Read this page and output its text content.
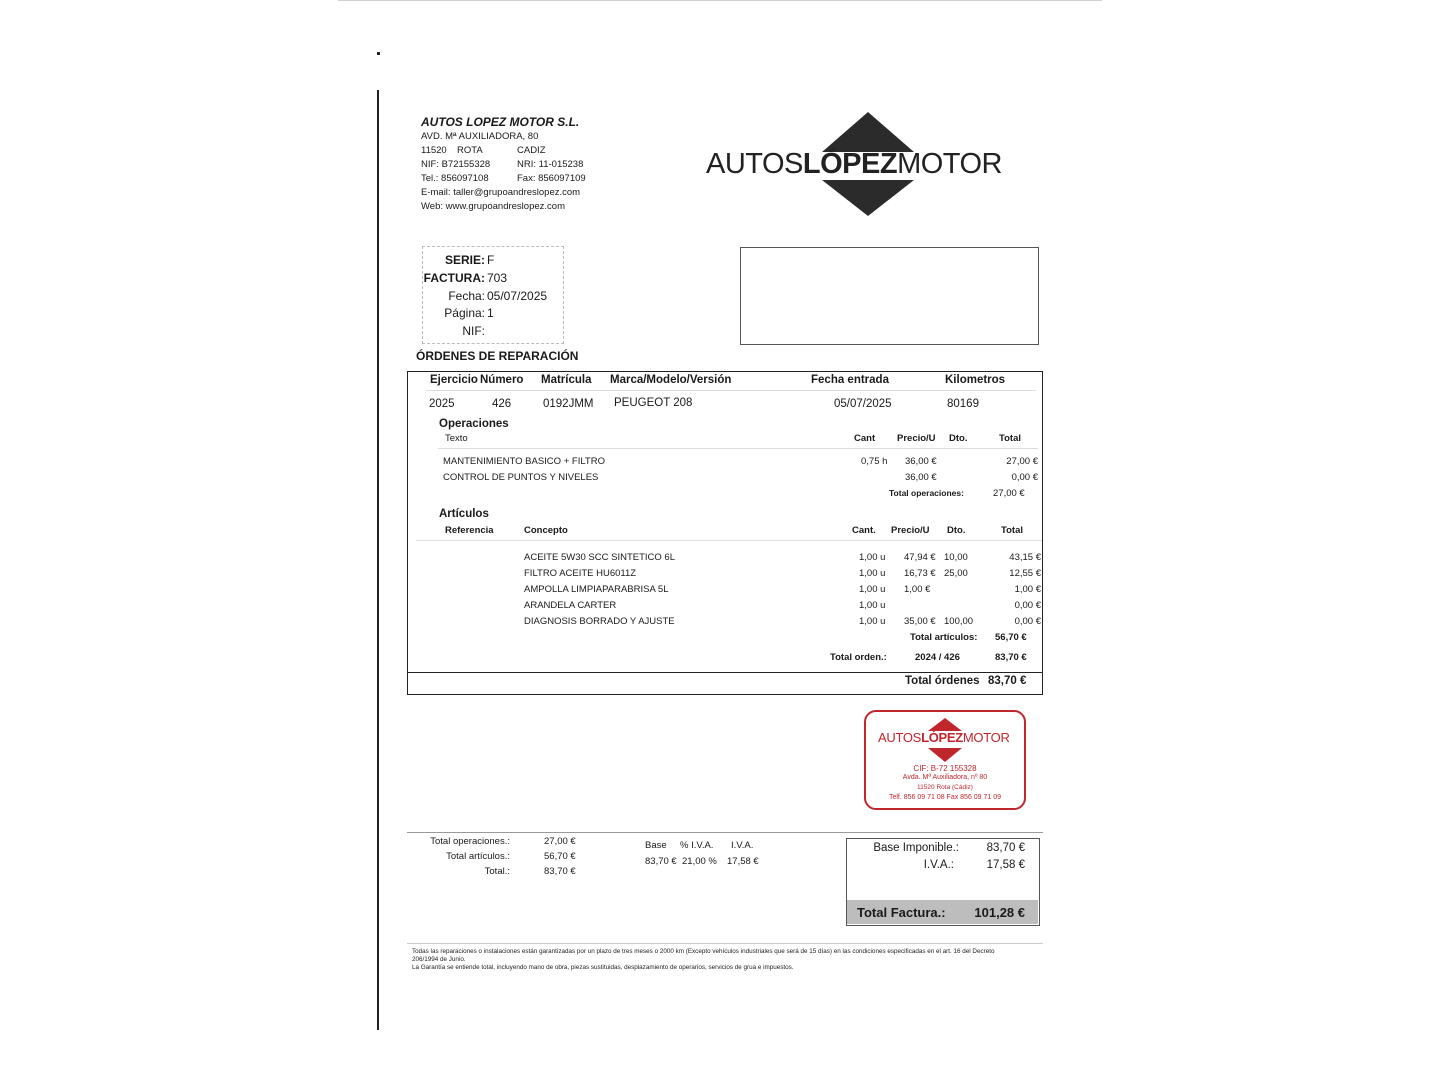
AUTOS LOPEZ MOTOR S.L.
AVD. Mª AUXILIADORA, 80
11520	ROTA	CADIZ
NIF: B72155328	NRI: 11-015238
Tel.: 856097108	Fax: 856097109
E-mail: taller@grupoandreslopez.com
Web: www.grupoandreslopez.com
AUTOSLÓPEZMOTOR
SERIE: F
FACTURA: 703
Fecha: 05/07/2025
Página: 1
NIF:
ÓRDENES DE REPARACIÓN
Ejercicio Número Matrícula Marca/Modelo/Versión	Fecha entrada	Kilometros
2025	426	0192JMM PEUGEOT 208	05/07/2025	80169
Operaciones
Texto	Cant Precio/U Dto.	Total
MANTENIMIENTO BASICO + FILTRO	0,75 h 36,00 €	27,00 €
CONTROL DE PUNTOS Y NIVELES	36,00 €	0,00 €
Total operaciones:	27,00 €
Artículos
Referencia	Concepto	Cant. Precio/U Dto.	Total
ACEITE 5W30 SCC SINTETICO 6L	1,00 u 47,94 € 10,00	43,15 €
FILTRO ACEITE HU6011Z	1,00 u 16,73 € 25,00	12,55 €
AMPOLLA LIMPIAPARABRISA 5L	1,00 u 1,00 €	1,00 €
ARANDELA CARTER	1,00 u	0,00 €
DIAGNOSIS BORRADO Y AJUSTE	1,00 u 35,00 € 100,00	0,00 €
Total artículos: 56,70 €
Total orden.:	2024 / 426	83,70 €
Total órdenes 83,70 €
AUTOSLÓPEZMOTOR
CIF: B-72 155328
Avda. Mª Auxiliadora, nº 80
11520 Rota (Cádiz)
Telf. 856 09 71 08 Fax 856 09 71 09
Total operaciones.:	27,00 €
Total artículos.:	56,70 €
Total.:	83,70 €
Base % I.V.A. I.V.A.
83,70 € 21,00 % 17,58 €
Base Imponible.:	83,70 €
I.V.A.:	17,58 €
Total Factura.:	101,28 €
Todas las reparaciones o instalaciones están garantizadas por un plazo de tres meses o 2000 km (Excepto vehículos industriales que será de 15 días) en las condiciones especificadas en el art. 16 del Decreto
206/1994 de Junio.
La Garantía se entiende total, incluyendo mano de obra, piezas sustituidas, desplazamiento de operarios, servicios de grua e impuestos.
